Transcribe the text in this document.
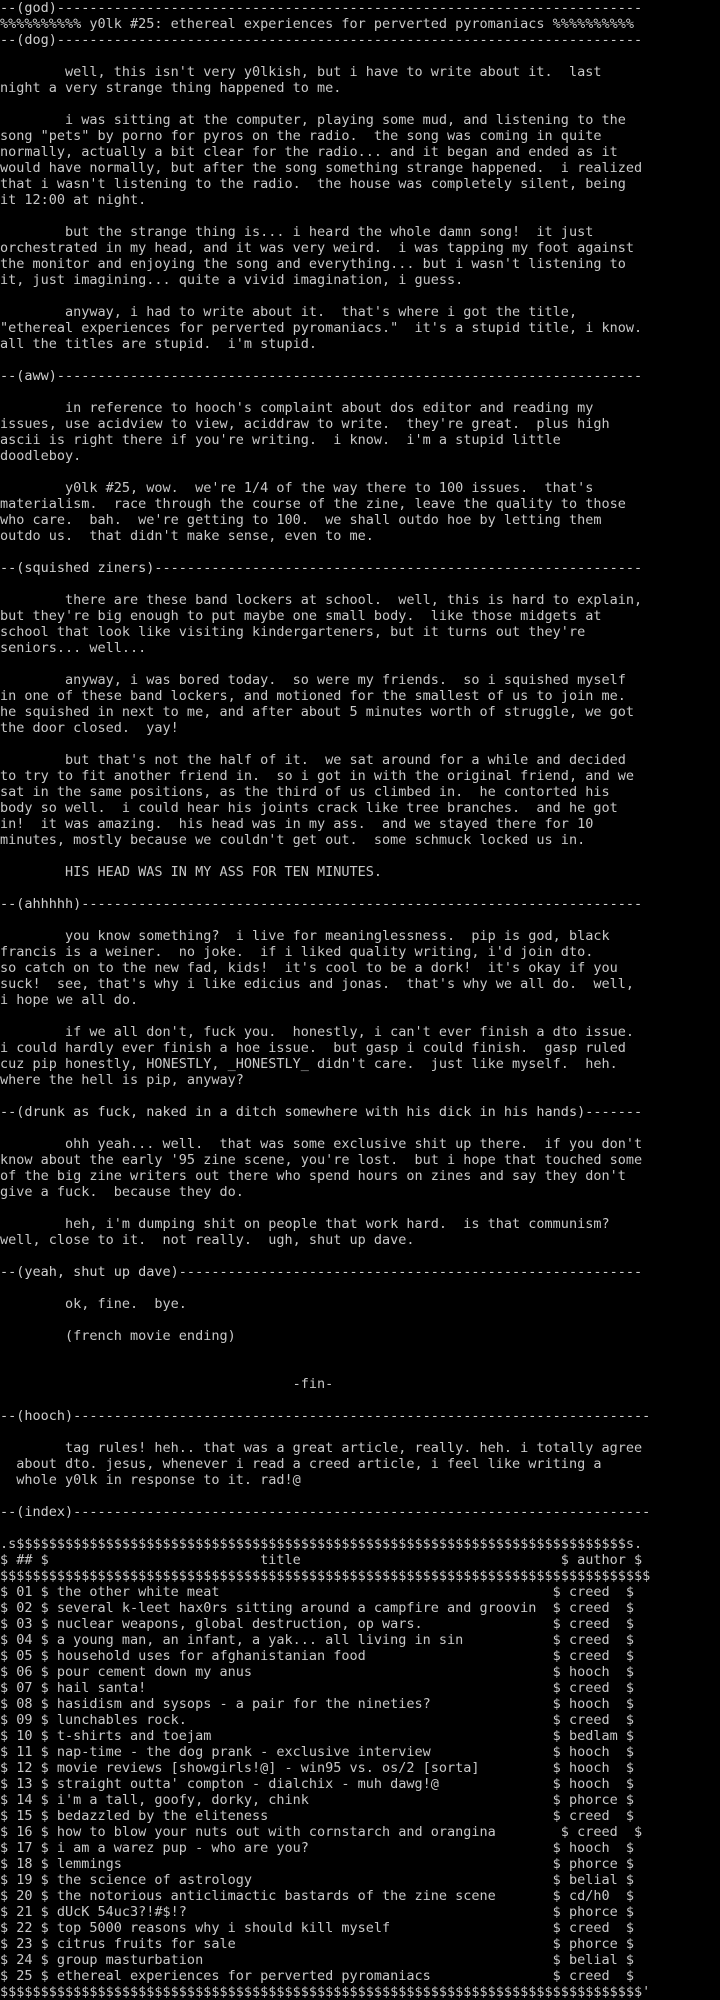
--(god)------------------------------------------------------------------------
%%%%%%%%%% y0lk #25: ethereal experiences for perverted pyromaniacs %%%%%%%%%%
--(dog)------------------------------------------------------------------------

well, this isn't very y0lkish, but i have to write about it.  last
night a very strange thing happened to me.

i was sitting at the computer, playing some mud, and listening to the
song "pets" by porno for pyros on the radio.  the song was coming in quite
normally, actually a bit clear for the radio... and it began and ended as it
would have normally, but after the song something strange happened.  i realized
that i wasn't listening to the radio.  the house was completely silent, being
it 12:00 at night.

but the strange thing is... i heard the whole damn song!  it just
orchestrated in my head, and it was very weird.  i was tapping my foot against
the monitor and enjoying the song and everything... but i wasn't listening to
it, just imagining... quite a vivid imagination, i guess.

anyway, i had to write about it.  that's where i got the title,
"ethereal experiences for perverted pyromaniacs."  it's a stupid title, i know.
all the titles are stupid.  i'm stupid.

--(aww)------------------------------------------------------------------------

in reference to hooch's complaint about dos editor and reading my
issues, use acidview to view, aciddraw to write.  they're great.  plus high
ascii is right there if you're writing.  i know.  i'm a stupid little
doodleboy.

y0lk #25, wow.  we're 1/4 of the way there to 100 issues.  that's
materialism.  race through the course of the zine, leave the quality to those
who care.  bah.  we're getting to 100.  we shall outdo hoe by letting them
outdo us.  that didn't make sense, even to me.

--(squished ziners)------------------------------------------------------------

there are these band lockers at school.  well, this is hard to explain,
but they're big enough to put maybe one small body.  like those midgets at
school that look like visiting kindergarteners, but it turns out they're
seniors... well...

anyway, i was bored today.  so were my friends.  so i squished myself
in one of these band lockers, and motioned for the smallest of us to join me.
he squished in next to me, and after about 5 minutes worth of struggle, we got
the door closed.  yay!

but that's not the half of it.  we sat around for a while and decided
to try to fit another friend in.  so i got in with the original friend, and we
sat in the same positions, as the third of us climbed in.  he contorted his
body so well.  i could hear his joints crack like tree branches.  and he got
in!  it was amazing.  his head was in my ass.  and we stayed there for 10
minutes, mostly because we couldn't get out.  some schmuck locked us in.

HIS HEAD WAS IN MY ASS FOR TEN MINUTES.

--(ahhhhh)---------------------------------------------------------------------

you know something?  i live for meaninglessness.  pip is god, black
francis is a weiner.  no joke.  if i liked quality writing, i'd join dto.
so catch on to the new fad, kids!  it's cool to be a dork!  it's okay if you
suck!  see, that's why i like edicius and jonas.  that's why we all do.  well,
i hope we all do.

if we all don't, fuck you.  honestly, i can't ever finish a dto issue.
i could hardly ever finish a hoe issue.  but gasp i could finish.  gasp ruled
cuz pip honestly, HONESTLY, _HONESTLY_ didn't care.  just like myself.  heh.
where the hell is pip, anyway?

--(drunk as fuck, naked in a ditch somewhere with his dick in his hands)-------

ohh yeah... well.  that was some exclusive shit up there.  if you don't
know about the early '95 zine scene, you're lost.  but i hope that touched some
of the big zine writers out there who spend hours on zines and say they don't
give a fuck.  because they do.

heh, i'm dumping shit on people that work hard.  is that communism?
well, close to it.  not really.  ugh, shut up dave.

--(yeah, shut up dave)---------------------------------------------------------

ok, fine.  bye.

(french movie ending)

-fin-

--(hooch)-----------------------------------------------------------------------

tag rules! heh.. that was a great article, really. heh. i totally agree
about dto. jesus, whenever i read a creed article, i feel like writing a
whole y0lk in response to it. rad!@

--(index)-----------------------------------------------------------------------

.s$$$$$$$$$$$$$$$$$$$$$$$$$$$$$$$$$$$$$$$$$$$$$$$$$$$$$$$$$$$$$$$$$$$$$$$$$$$s.
$ ## $                          title                                $ author $
$$$$$$$$$$$$$$$$$$$$$$$$$$$$$$$$$$$$$$$$$$$$$$$$$$$$$$$$$$$$$$$$$$$$$$$$$$$$$$$$
$ 01 $ the other white meat                                         $ creed  $
$ 02 $ several k-leet hax0rs sitting around a campfire and groovin  $ creed  $
$ 03 $ nuclear weapons, global destruction, op wars.                $ creed  $
$ 04 $ a young man, an infant, a yak... all living in sin           $ creed  $
$ 05 $ household uses for afghanistanian food                       $ creed  $
$ 06 $ pour cement down my anus                                     $ hooch  $
$ 07 $ hail santa!                                                  $ creed  $
$ 08 $ hasidism and sysops - a pair for the nineties?               $ hooch  $
$ 09 $ lunchables rock.                                             $ creed  $
$ 10 $ t-shirts and toejam                                          $ bedlam $
$ 11 $ nap-time - the dog prank - exclusive interview               $ hooch  $
$ 12 $ movie reviews [showgirls!@] - win95 vs. os/2 [sorta]         $ hooch  $
$ 13 $ straight outta' compton - dialchix - muh dawg!@              $ hooch  $
$ 14 $ i'm a tall, goofy, dorky, chink                              $ phorce $
$ 15 $ bedazzled by the eliteness                                   $ creed  $
$ 16 $ how to blow your nuts out with cornstarch and orangina        $ creed  $
$ 17 $ i am a warez pup - who are you?                              $ hooch  $
$ 18 $ lemmings                                                     $ phorce $
$ 19 $ the science of astrology                                     $ belial $
$ 20 $ the notorious anticlimactic bastards of the zine scene       $ cd/h0  $
$ 21 $ dUcK 54uc3?!#$!?                                             $ phorce $
$ 22 $ top 5000 reasons why i should kill myself                    $ creed  $
$ 23 $ citrus fruits for sale                                       $ phorce $
$ 24 $ group masturbation                                           $ belial $
$ 25 $ ethereal experiences for perverted pyromaniacs               $ creed  $
$$$$$$$$$$$$$$$$$$$$$$$$$$$$$$$$$$$$$$$$$$$$$$$$$$$$$$$$$$$$$$$$$$$$$$$$$$$$$$$'
